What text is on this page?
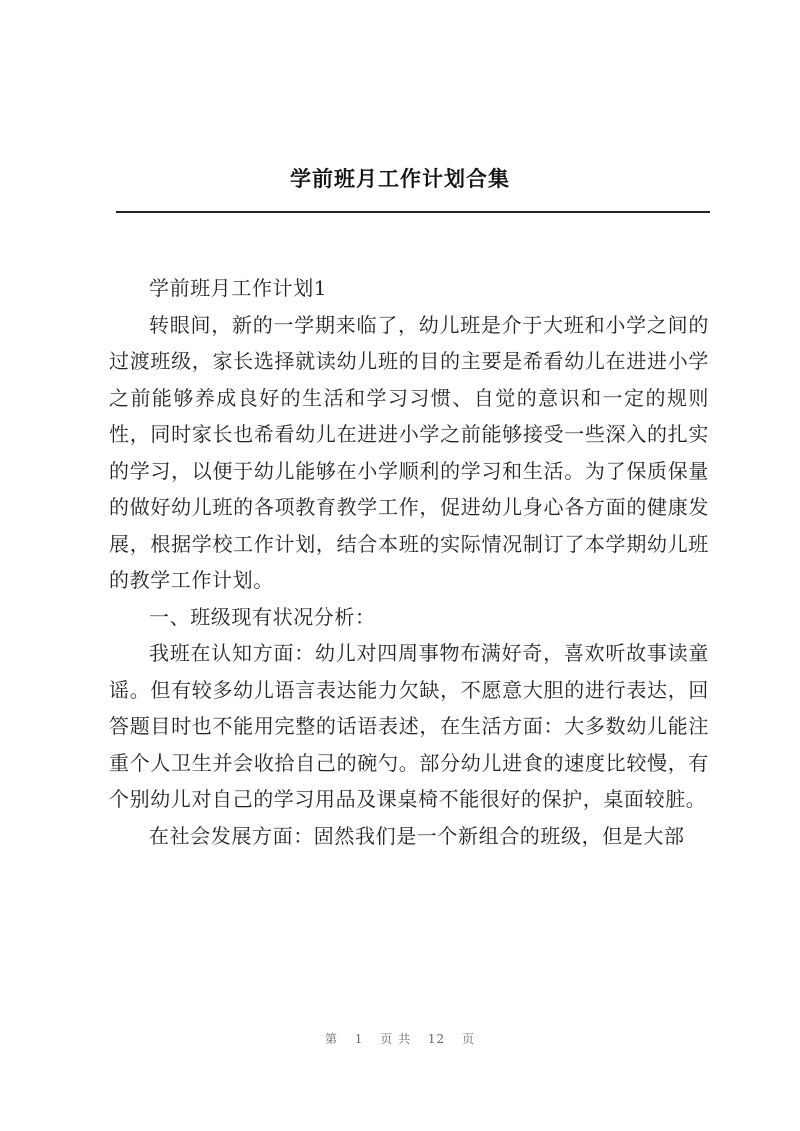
学前班月工作计划合集

学前班月工作计划1

转眼间，新的一学期来临了，幼儿班是介于大班和小学之间的过渡班级，家长选择就读幼儿班的目的主要是希看幼儿在进进小学之前能够养成良好的生活和学习习惯、自觉的意识和一定的规则性，同时家长也希看幼儿在进进小学之前能够接受一些深入的扎实的学习，以便于幼儿能够在小学顺利的学习和生活。为了保质保量的做好幼儿班的各项教育教学工作，促进幼儿身心各方面的健康发展，根据学校工作计划，结合本班的实际情况制订了本学期幼儿班的教学工作计划。

一、班级现有状况分析：

我班在认知方面：幼儿对四周事物布满好奇，喜欢听故事读童谣。但有较多幼儿语言表达能力欠缺，不愿意大胆的进行表达，回答题目时也不能用完整的话语表述，在生活方面：大多数幼儿能注重个人卫生并会收拾自己的碗勺。部分幼儿进食的速度比较慢，有个别幼儿对自己的学习用品及课桌椅不能很好的保护，桌面较脏。

在社会发展方面：固然我们是一个新组合的班级，但是大部

第 1 页 共 12 页
